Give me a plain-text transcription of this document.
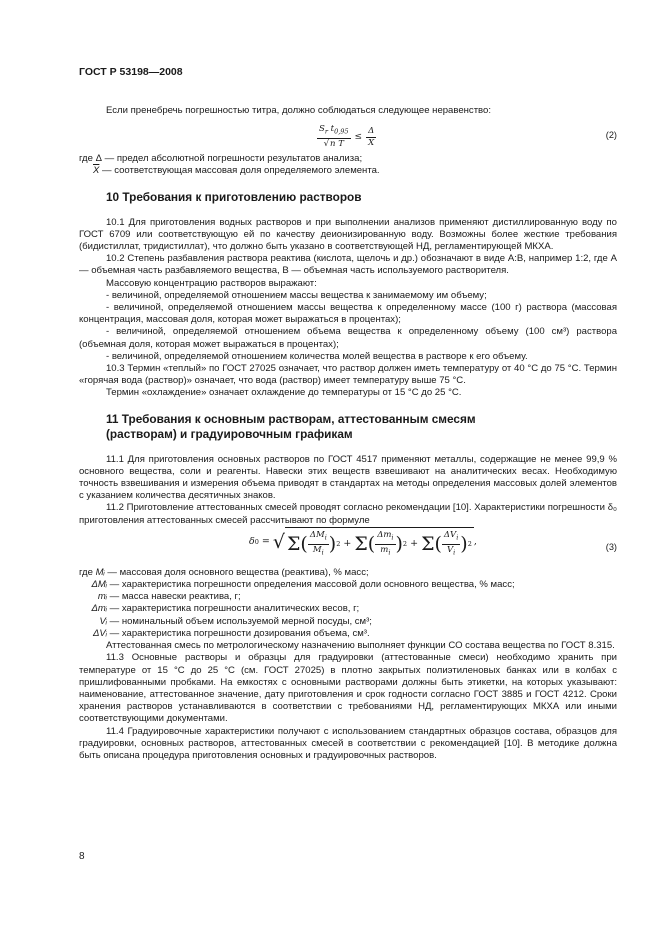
ГОСТ Р 53198—2008

Если пренебречь погрешностью титра, должно соблюдаться следующее неравенство:

$\frac{S_r t_{0,95}}{\text{√n T}} \le \frac{\Delta}{X}$	(2)

где
Δ
— предел абсолютной погрешности результатов анализа;

$\overline{X}$
— соответствующая массовая доля определяемого элемента.

10 Требования к приготовлению растворов

10.1 Для приготовления водных растворов и при выполнении анализов применяют дистиллированную воду по ГОСТ 6709 или соответствующую ей по качеству деионизированную воду. Возможны более жесткие требования (бидистиллат, тридистиллат), что должно быть указано в соответствующей НД, регламентирующей МКХА.

10.2 Степень разбавления раствора реактива (кислота, щелочь и др.) обозначают в виде А:В, например 1:2, где А — объемная часть разбавляемого вещества, В — объемная часть используемого растворителя.

Массовую концентрацию растворов выражают:

- величиной, определяемой отношением массы вещества к занимаемому им объему;

- величиной, определяемой отношением массы вещества к определенному массе (100 г) раствора (массовая концентрация, массовая доля, которая может выражаться в процентах);

- величиной, определяемой отношением объема вещества к определенному объему (100 см³) раствора (объемная доля, которая может выражаться в процентах);

- величиной, определяемой отношением количества молей вещества в растворе к его объему.

10.3 Термин «теплый» по ГОСТ 27025 означает, что раствор должен иметь температуру от 40 °С до 75 °С. Термин «горячая вода (раствор)» означает, что вода (раствор) имеет температуру выше 75 °С.

Термин «охлаждение» означает охлаждение до температуры от 15 °С до 25 °С.

11 Требования к основным растворам, аттестованным смесям
(растворам) и градуировочным графикам

11.1 Для приготовления основных растворов по ГОСТ 4517 применяют металлы, содержащие не менее 99,9 % основного вещества, соли и реагенты. Навески этих веществ взвешивают на аналитических весах. Необходимую точность взвешивания и измерения объема приводят в стандартах на методы определения массовых долей элементов с указанием количества десятичных знаков.

11.2 Приготовление аттестованных смесей проводят согласно рекомендации [10]. Характеристики погрешности δ₀ приготовления аттестованных смесей рассчитывают по формуле

δ 0 = √ Σ ( $\frac{\Delta M_i}{M_i}$ ) 2 + Σ ( $\frac{\Delta m_i}{m_i}$ ) 2 + Σ ( $\frac{\Delta V_i}{V_i}$ ) 2 ,	(3)

где
Mᵢ
— массовая доля основного вещества (реактива), % масс;

ΔMᵢ
— характеристика погрешности определения массовой доли основного вещества, % масс;

mᵢ
— масса навески реактива, г;

Δmᵢ
— характеристика погрешности аналитических весов, г;

Vᵢ
— номинальный объем используемой мерной посуды, см³;

ΔVᵢ
— характеристика погрешности дозирования объема, см³.

Аттестованная смесь по метрологическому назначению выполняет функции СО состава вещества по ГОСТ 8.315.

11.3 Основные растворы и образцы для градуировки (аттестованные смеси) необходимо хранить при температуре от 15 °С до 25 °С (см. ГОСТ 27025) в плотно закрытых полиэтиленовых банках или в колбах с пришлифованными пробками. На емкостях с основными растворами должны быть этикетки, на которых указывают: наименование, аттестованное значение, дату приготовления и срок годности согласно ГОСТ 3885 и ГОСТ 4212. Сроки хранения растворов устанавливаются в соответствии с требованиями НД, регламентирующих МКХА или иными соответствующими документами.

11.4 Градуировочные характеристики получают с использованием стандартных образцов состава, образцов для градуировки, основных растворов, аттестованных смесей в соответствии с рекомендацией [10]. В методике должна быть описана процедура приготовления основных и градуировочных растворов.

8
